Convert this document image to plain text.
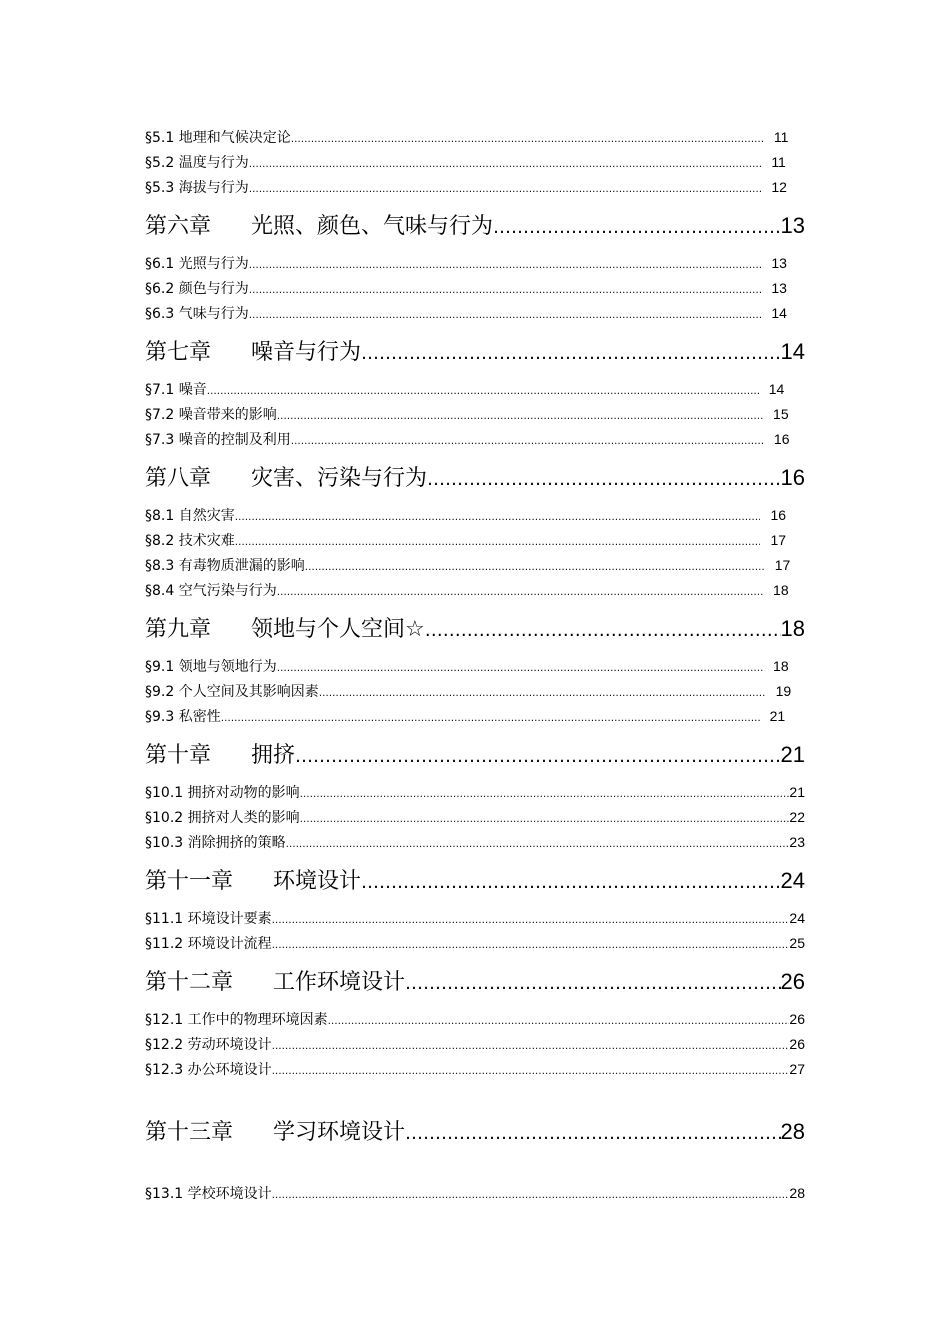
§5.1 地理和气候决定论 …………………………………………………………………………………………………………………………………………………………………………………………	11
§5.2 温度与行为 …………………………………………………………………………………………………………………………………………………………………………………………	11
§5.3 海拔与行为 …………………………………………………………………………………………………………………………………………………………………………………………	12
第六章 光照、颜色、气味与行为 …………………………………………………………………………………………………………………………………………………………………………………………	13
§6.1 光照与行为 …………………………………………………………………………………………………………………………………………………………………………………………	13
§6.2 颜色与行为 …………………………………………………………………………………………………………………………………………………………………………………………	13
§6.3 气味与行为 …………………………………………………………………………………………………………………………………………………………………………………………	14
第七章 噪音与行为 …………………………………………………………………………………………………………………………………………………………………………………………	14
§7.1 噪音 …………………………………………………………………………………………………………………………………………………………………………………………	14
§7.2 噪音带来的影响 …………………………………………………………………………………………………………………………………………………………………………………………	15
§7.3 噪音的控制及利用 …………………………………………………………………………………………………………………………………………………………………………………………	16
第八章 灾害、污染与行为 …………………………………………………………………………………………………………………………………………………………………………………………	16
§8.1 自然灾害 …………………………………………………………………………………………………………………………………………………………………………………………	16
§8.2 技术灾难 …………………………………………………………………………………………………………………………………………………………………………………………	17
§8.3 有毒物质泄漏的影响 …………………………………………………………………………………………………………………………………………………………………………………………	17
§8.4 空气污染与行为 …………………………………………………………………………………………………………………………………………………………………………………………	18
第九章 领地与个人空间☆ …………………………………………………………………………………………………………………………………………………………………………………………	18
§9.1 领地与领地行为 …………………………………………………………………………………………………………………………………………………………………………………………	18
§9.2 个人空间及其影响因素 …………………………………………………………………………………………………………………………………………………………………………………………	19
§9.3 私密性 …………………………………………………………………………………………………………………………………………………………………………………………	21
第十章 拥挤 …………………………………………………………………………………………………………………………………………………………………………………………	21
§10.1 拥挤对动物的影响 …………………………………………………………………………………………………………………………………………………………………………………………	21
§10.2 拥挤对人类的影响 …………………………………………………………………………………………………………………………………………………………………………………………	22
§10.3 消除拥挤的策略 …………………………………………………………………………………………………………………………………………………………………………………………	23
第十一章 环境设计 …………………………………………………………………………………………………………………………………………………………………………………………	24
§11.1 环境设计要素 …………………………………………………………………………………………………………………………………………………………………………………………	24
§11.2 环境设计流程 …………………………………………………………………………………………………………………………………………………………………………………………	25
第十二章 工作环境设计 …………………………………………………………………………………………………………………………………………………………………………………………	26
§12.1 工作中的物理环境因素 …………………………………………………………………………………………………………………………………………………………………………………………	26
§12.2 劳动环境设计 …………………………………………………………………………………………………………………………………………………………………………………………	26
§12.3 办公环境设计 …………………………………………………………………………………………………………………………………………………………………………………………	27
第十三章 学习环境设计 …………………………………………………………………………………………………………………………………………………………………………………………	28
§13.1 学校环境设计 …………………………………………………………………………………………………………………………………………………………………………………………	28
